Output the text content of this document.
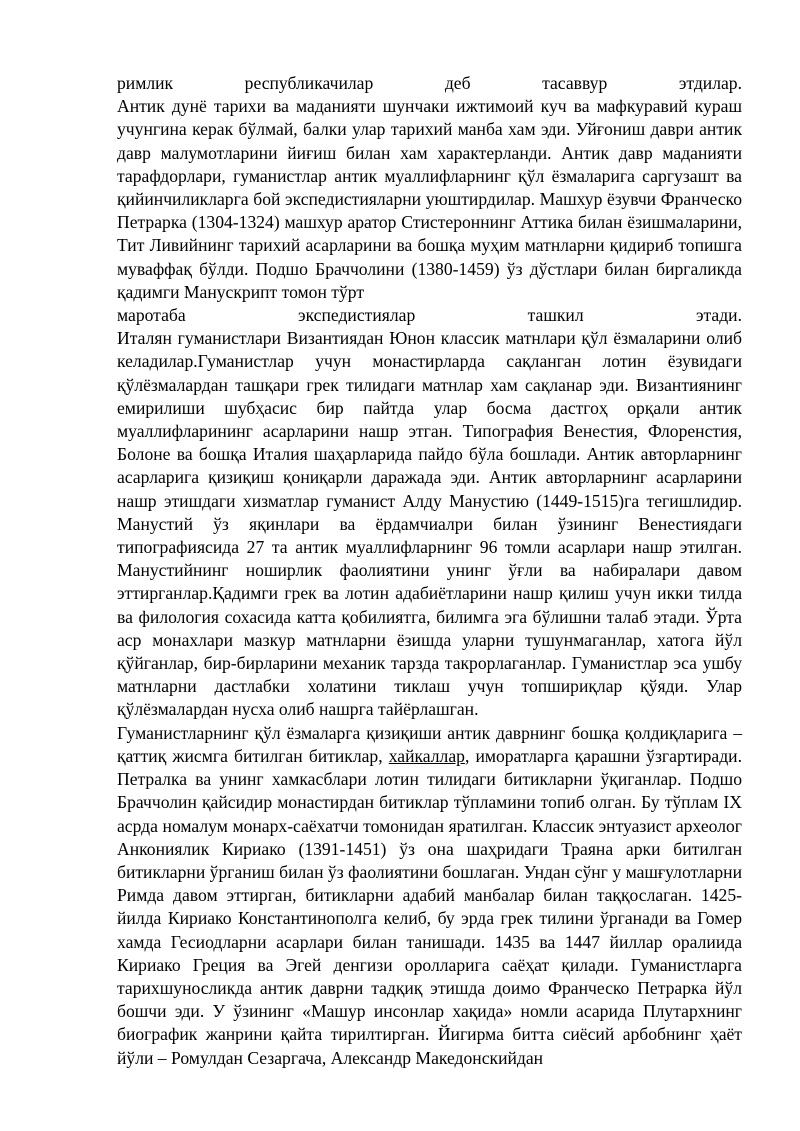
римлик республикачилар деб тасаввур этдилар.

Антик дунё тарихи ва маданияти шунчаки ижтимоий куч ва мафкуравий кураш учунгина керак бўлмай, балки улар тарихий манба хам эди. Уйғониш даври антик давр малумотларини йиғиш билан хам характерланди. Антик давр маданияти тарафдорлари, гуманистлар антик муаллифларнинг қўл ёзмаларига саргузашт ва қийинчиликларга бой экспедистияларни уюштирдилар. Машхур ёзувчи Франческо Петрарка (1304-1324) машхур аратор Стистероннинг Аттика билан ёзишмаларини, Тит Ливийнинг тарихий асарларини ва бошқа муҳим матнларни қидириб топишга муваффақ бўлди. Подшо Браччолини (1380-1459) ўз дўстлари билан биргаликда қадимги Манускрипт томон тўрт
маротаба экспедистиялар ташкил этади.

Италян гуманистлари Византиядан Юнон классик матнлари қўл ёзмаларини олиб келадилар.Гуманистлар учун монастирларда сақланган лотин ёзувидаги қўлёзмалардан ташқари грек тилидаги матнлар хам сақланар эди. Византиянинг емирилиши шубҳасис бир пайтда улар босма дастгоҳ орқали антик муаллифларининг асарларини нашр этган. Типография Венестия, Флоренстия, Болоне ва бошқа Италия шаҳарларида пайдо бўла бошлади. Антик авторларнинг асарларига қизиқиш қониқарли даражада эди. Антик авторларнинг асарларини нашр этишдаги хизматлар гуманист Алду Манустию (1449-1515)га тегишлидир. Манустий ўз яқинлари ва ёрдамчиалри билан ўзининг Венестиядаги типографиясида 27 та антик муаллифларнинг 96 томли асарлари нашр этилган. Манустийнинг ноширлик фаолиятини унинг ўғли ва набиралари давом эттирганлар.Қадимги грек ва лотин адабиётларини нашр қилиш учун икки тилда ва филология сохасида катта қобилиятга, билимга эга бўлишни талаб этади. Ўрта аср монахлари мазкур матнларни ёзишда уларни тушунмаганлар, хатога йўл қўйганлар, бир-бирларини механик тарзда такрорлаганлар. Гуманистлар эса ушбу матнларни дастлабки холатини тиклаш учун топшириқлар қўяди. Улар қўлёзмалардан нусха олиб нашрга тайёрлашган.

Гуманистларнинг қўл ёзмаларга қизиқиши антик даврнинг бошқа қолдиқларига –қаттиқ жисмга битилган битиклар, хайкаллар, иморатларга қарашни ўзгартиради. Петралка ва унинг хамкасблари лотин тилидаги битикларни ўқиганлар. Подшо Браччолин қайсидир монастирдан битиклар тўпламини топиб олган. Бу тўплам IX асрда номалум монарх-саёхатчи томонидан яратилган. Классик энтуазист археолог Анкониялик Кириако (1391-1451) ўз она шаҳридаги Траяна арки битилган битикларни ўрганиш билан ўз фаолиятини бошлаган. Ундан сўнг у машғулотларни Римда давом эттирган, битикларни адабий манбалар билан таққослаган. 1425-йилда Кириако Константинополга келиб, бу эрда грек тилини ўрганади ва Гомер хамда Гесиодларни асарлари билан танишади. 1435 ва 1447 йиллар оралиида Кириако Греция ва Эгей денгизи оролларига саёҳат қилади. Гуманистларга тарихшуносликда антик даврни тадқиқ этишда доимо Франческо Петрарка йўл бошчи эди. У ўзининг «Машур инсонлар хақида» номли асарида Плутархнинг биографик жанрини қайта тирилтирган. Йигирма битта сиёсий арбобнинг ҳаёт йўли – Ромулдан Сезаргача, Александр Македонскийдан
